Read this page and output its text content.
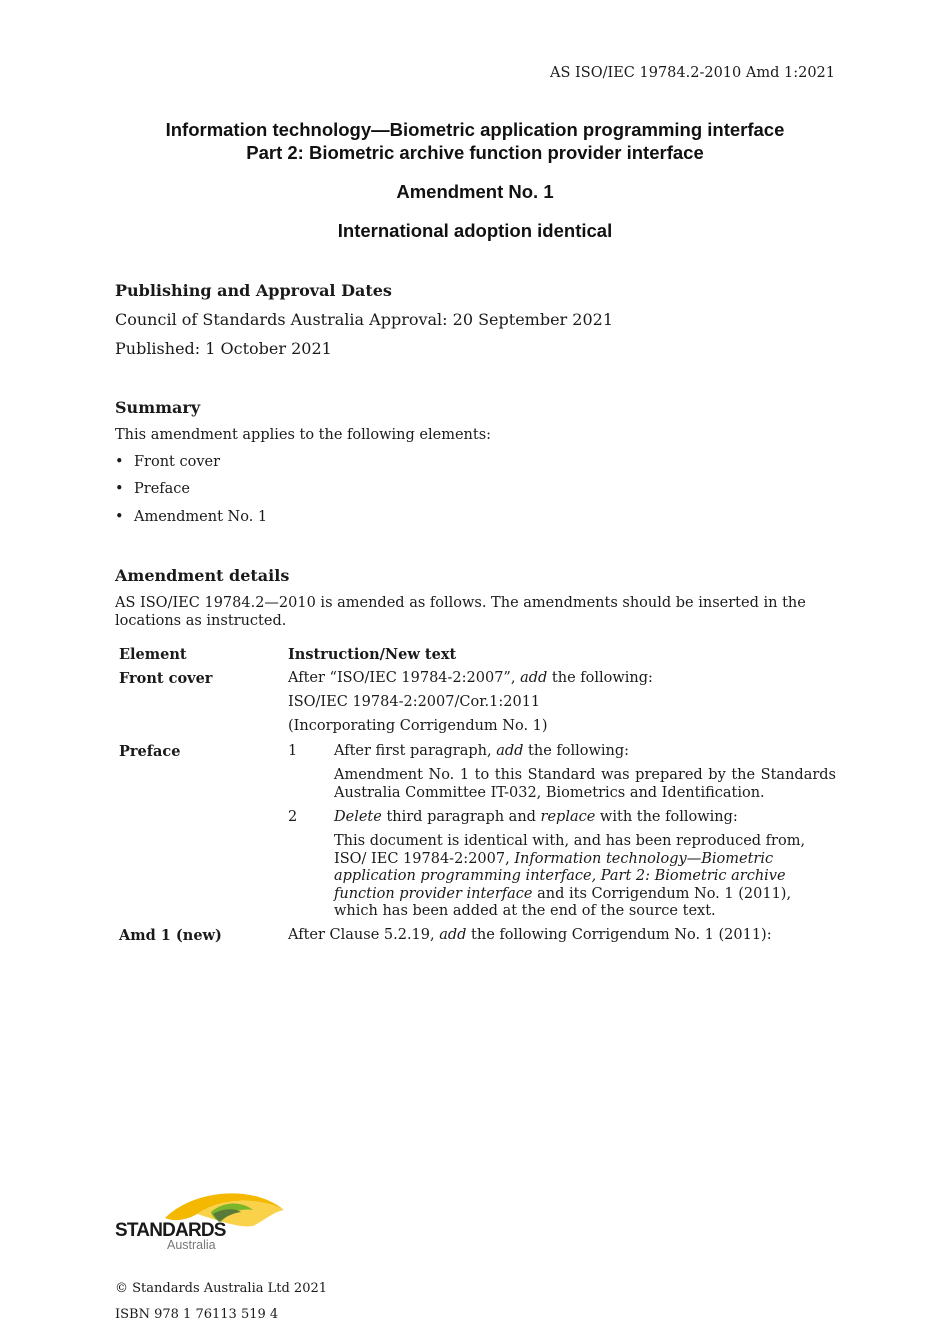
AS ISO/IEC 19784.2-2010 Amd 1:2021
Information technology—Biometric application programming interface
Part 2: Biometric archive function provider interface
Amendment No. 1
International adoption identical
Publishing and Approval Dates
Council of Standards Australia Approval: 20 September 2021
Published: 1 October 2021
Summary
This amendment applies to the following elements:
• Front cover
• Preface
• Amendment No. 1
Amendment details
AS ISO/IEC 19784.2—2010 is amended as follows. The amendments should be inserted in the locations as instructed.
Element	Instruction/New text
Front cover	After “ISO/IEC 19784-2:2007”, add the following:
ISO/IEC 19784-2:2007/Cor.1:2011
(Incorporating Corrigendum No. 1)
Preface	1	After first paragraph, add the following:
Amendment No. 1 to this Standard was prepared by the Standards Australia Committee IT-032, Biometrics and Identification.
2	Delete third paragraph and replace with the following:
This document is identical with, and has been reproduced from, ISO/ IEC 19784-2:2007, Information technology—Biometric application programming interface, Part 2: Biometric archive function provider interface and its Corrigendum No. 1 (2011), which has been added at the end of the source text.
Amd 1 (new)	After Clause 5.2.19, add the following Corrigendum No. 1 (2011):
STANDARDS
Australia
© Standards Australia Ltd 2021
ISBN 978 1 76113 519 4
